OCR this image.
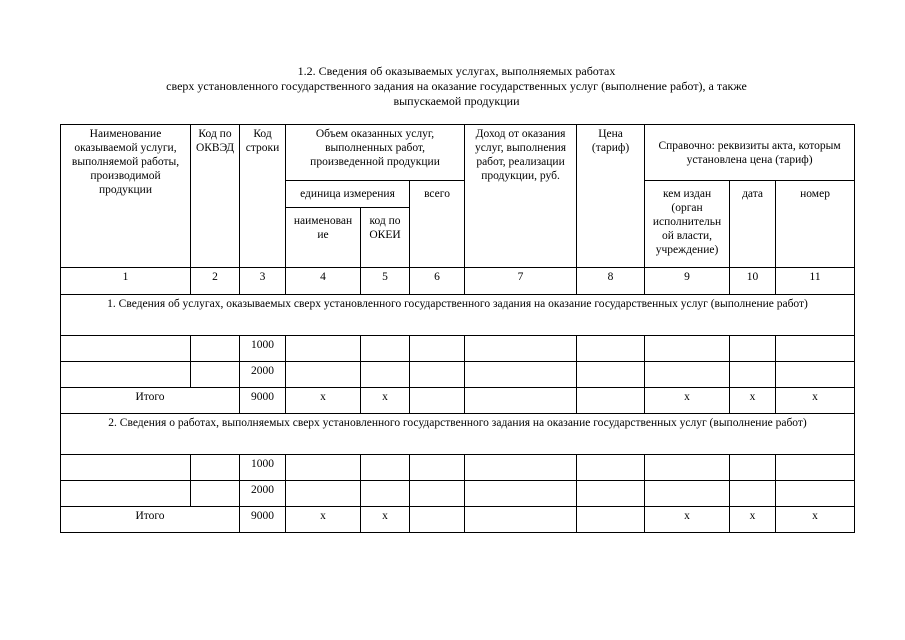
1.2. Сведения об оказываемых услугах, выполняемых работах
сверх установленного государственного задания на оказание государственных услуг (выполнение работ), а также
выпускаемой продукции
Наименование оказываемой услуги, выполняемой работы, производимой продукции	Код по ОКВЭД	Код строки	Объем оказанных услуг, выполненных работ, произведенной продукции			Доход от оказания услуг, выполнения работ, реализации продукции, руб.	Цена (тариф)	Справочно: реквизиты акта, которым установлена цена (тариф)		
			единица измерения		всего			кем издан (орган исполнительн ой власти, учреждение)	дата	номер
			наименован ие	код по ОКЕИ						
1	2	3	4	5	6	7	8	9	10	11
1. Сведения об услугах, оказываемых сверх установленного государственного задания на оказание государственных услуг (выполнение работ)										
		1000								
		2000								
Итого		9000	х	х				х	х	х
2. Сведения о работах, выполняемых сверх установленного государственного задания на оказание государственных услуг (выполнение работ)										
		1000								
		2000								
Итого		9000	х	х				х	х	х
